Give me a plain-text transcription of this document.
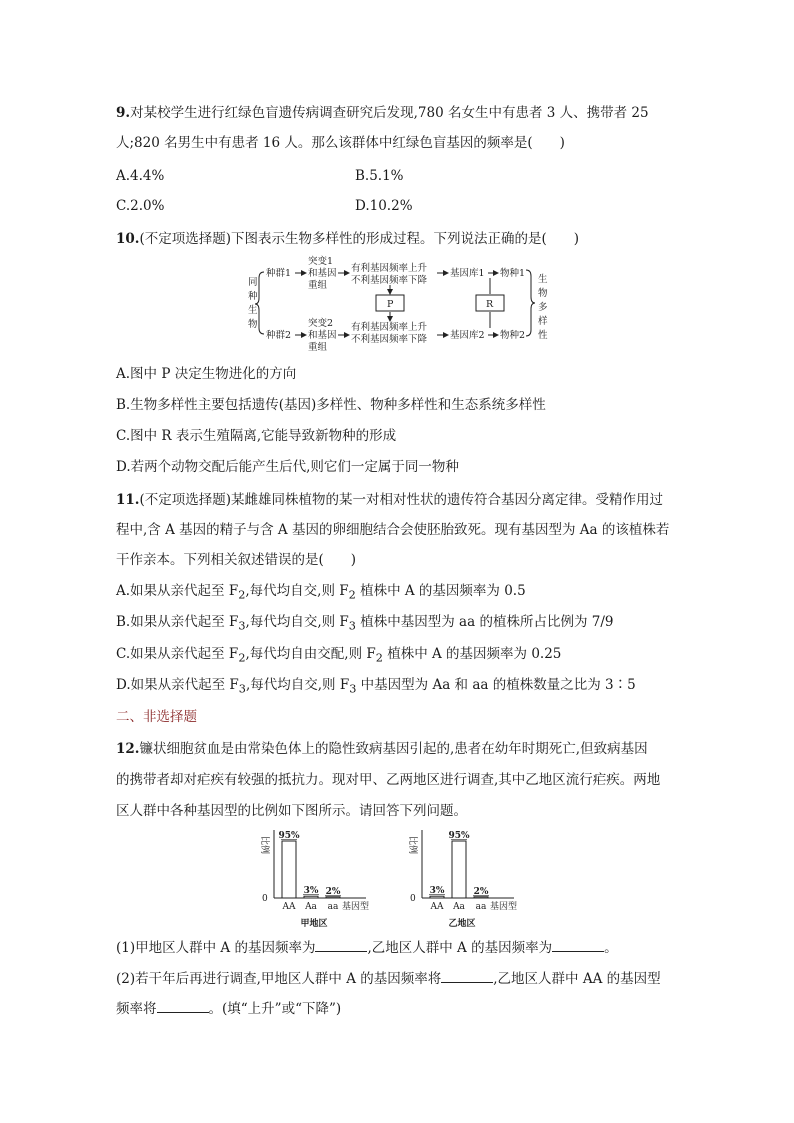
9.对某校学生进行红绿色盲遗传病调查研究后发现,780 名女生中有患者 3 人、携带者 25
人;820 名男生中有患者 16 人。那么该群体中红绿色盲基因的频率是(　　)
A.4.4%	B.5.1%
C.2.0%	D.10.2%
10.(不定项选择题)下图表示生物多样性的形成过程。下列说法正确的是(　　)
同
种
生
物
种群1
突变1
和基因
重组
有利基因频率上升
不利基因频率下降
基因库1 物种1
种群2
突变2
和基因
重组
有利基因频率上升
不利基因频率下降 基因库2 物种2
P	R
生
物
多
样
性
A.图中 P 决定生物进化的方向
B.生物多样性主要包括遗传(基因)多样性、物种多样性和生态系统多样性
C.图中 R 表示生殖隔离,它能导致新物种的形成
D.若两个动物交配后能产生后代,则它们一定属于同一物种
11.(不定项选择题)某雌雄同株植物的某一对相对性状的遗传符合基因分离定律。受精作用过
程中,含 A 基因的精子与含 A 基因的卵细胞结合会使胚胎致死。现有基因型为 Aa 的该植株若
干作亲本。下列相关叙述错误的是(　　)
A.如果从亲代起至 $F_2$,每代均自交,则 $F_2$ 植株中 A 的基因频率为 0.5
B.如果从亲代起至 $F_3$,每代均自交,则 $F_3$ 植株中基因型为 aa 的植株所占比例为 7/9
C.如果从亲代起至 $F_2$,每代均自由交配,则 $F_2$ 植株中 A 的基因频率为 0.25
D.如果从亲代起至 $F_3$,每代均自交,则 $F_3$ 中基因型为 Aa 和 aa 的植株数量之比为 3∶5
二、非选择题
12.镰状细胞贫血是由常染色体上的隐性致病基因引起的,患者在幼年时期死亡,但致病基因
的携带者却对疟疾有较强的抵抗力。现对甲、乙两地区进行调查,其中乙地区流行疟疾。两地
区人群中各种基因型的比例如下图所示。请回答下列问题。
比例
0
95%
AA
3%
Aa
2%
aa 基因型
甲地区
比例
0
3%
AA
95%
Aa
2%
aa 基因型
乙地区
(1)甲地区人群中 A 的基因频率为	,乙地区人群中 A 的基因频率为	。
(2)若干年后再进行调查,甲地区人群中 A 的基因频率将	,乙地区人群中 AA 的基因型
频率将	。(填“上升”或“下降”)
